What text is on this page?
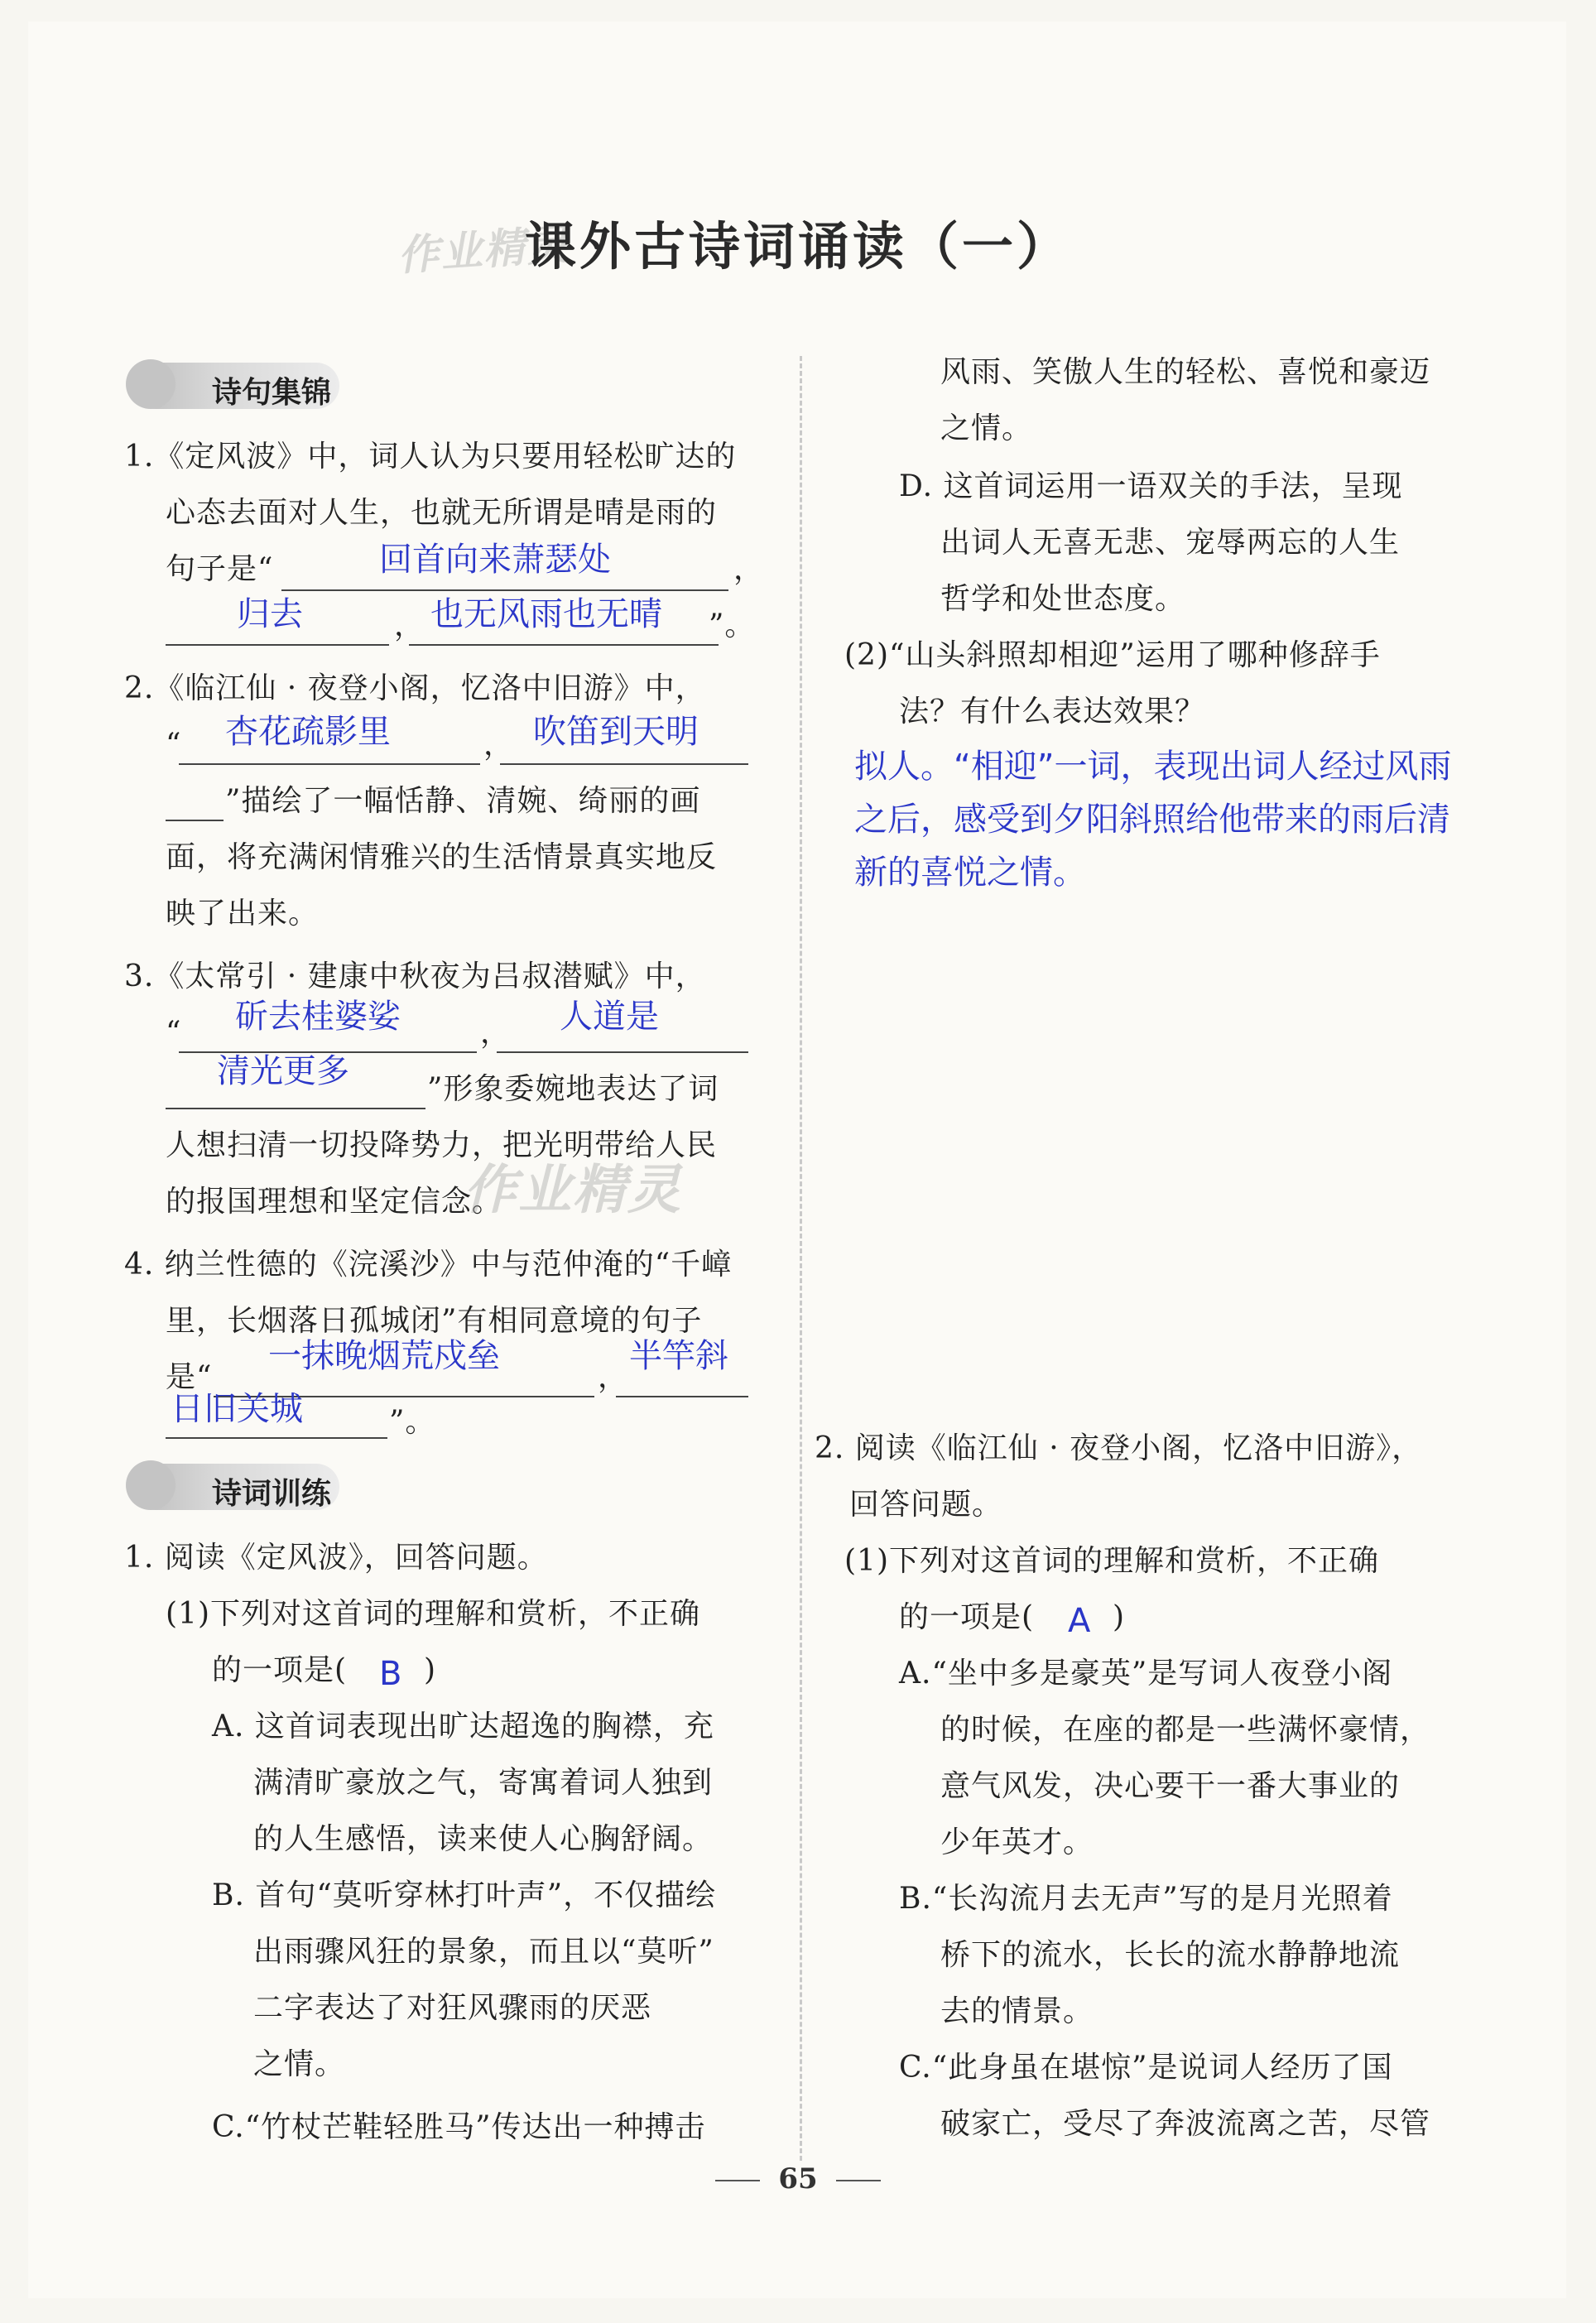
作业精灵
课外古诗词诵读（一）
诗句集锦
1.《定风波》中，词人认为只要用轻松旷达的
心态去面对人生，也就无所谓是晴是雨的
句子是“	回首向来萧瑟处	，
归去	， 也无风雨也无晴 ”。
2.《临江仙 · 夜登小阁，忆洛中旧游》中，
“ 杏花疏影里	， 吹笛到天明
”描绘了一幅恬静、清婉、绮丽的画
面，将充满闲情雅兴的生活情景真实地反
映了出来。
3.《太常引 · 建康中秋夜为吕叔潜赋》中，
“ 斫去桂婆娑	， 人道是
清光更多	”形象委婉地表达了词
人想扫清一切投降势力，把光明带给人民
的报国理想和坚定信念。
作业精灵
4. 纳兰性德的《浣溪沙》中与范仲淹的“千嶂
里，长烟落日孤城闭”有相同意境的句子
是“
一抹晚烟荒戍垒
，
半竿斜
日旧关城	”。
诗词训练
1. 阅读《定风波》，回答问题。
(1)下列对这首词的理解和赏析，不正确
的一项是( B )
A. 这首词表现出旷达超逸的胸襟，充
满清旷豪放之气，寄寓着词人独到
的人生感悟，读来使人心胸舒阔。
B. 首句“莫听穿林打叶声”，不仅描绘
出雨骤风狂的景象，而且以“莫听”
二字表达了对狂风骤雨的厌恶
之情。
C.“竹杖芒鞋轻胜马”传达出一种搏击
风雨、笑傲人生的轻松、喜悦和豪迈
之情。
D. 这首词运用一语双关的手法，呈现
出词人无喜无悲、宠辱两忘的人生
哲学和处世态度。
(2)“山头斜照却相迎”运用了哪种修辞手
法？有什么表达效果？
拟人。“相迎”一词，表现出词人经过风雨
之后，感受到夕阳斜照给他带来的雨后清
新的喜悦之情。
2. 阅读《临江仙 · 夜登小阁，忆洛中旧游》，
回答问题。
(1)下列对这首词的理解和赏析，不正确
的一项是( A )
A.“坐中多是豪英”是写词人夜登小阁
的时候，在座的都是一些满怀豪情，
意气风发，决心要干一番大事业的
少年英才。
B.“长沟流月去无声”写的是月光照着
桥下的流水，长长的流水静静地流
去的情景。
C.“此身虽在堪惊”是说词人经历了国
破家亡，受尽了奔波流离之苦，尽管
65
